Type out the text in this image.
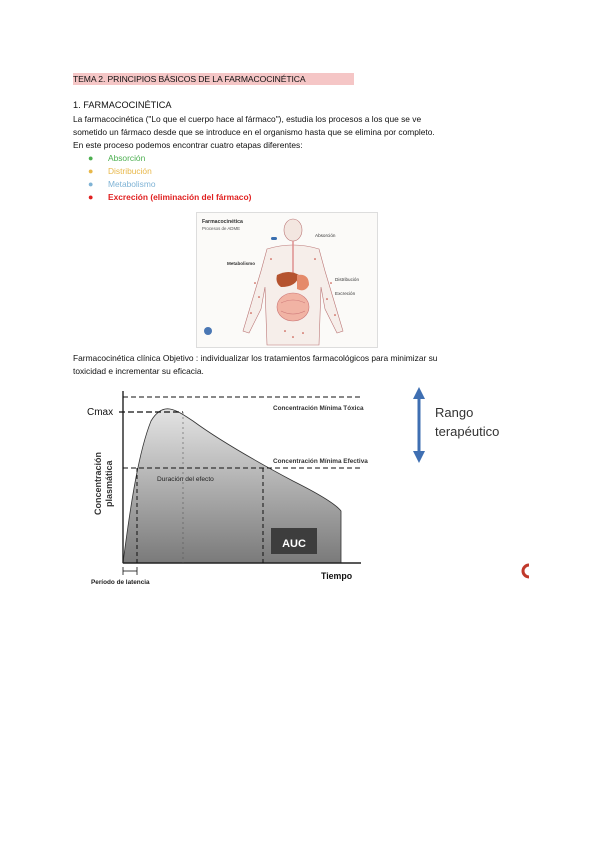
TEMA 2. PRINCIPIOS BÁSICOS DE LA FARMACOCINÉTICA
1. FARMACOCINÉTICA
La farmacocinética ("Lo que el cuerpo hace al fármaco"), estudia los procesos a los que se ve
sometido un fármaco desde que se introduce en el organismo hasta que se elimina por completo.
En este proceso podemos encontrar cuatro etapas diferentes:
● Absorción
● Distribución
● Metabolismo
● Excreción (eliminación del fármaco)
Farmacocinética
Procesos de ADME
Absorción
Metabolismo
Distribución
Excreción
Farmacocinética clínica Objetivo : individualizar los tratamientos farmacológicos para minimizar su
toxicidad e incrementar su eficacia.
Cmax
Concentración plasmática
Concentración Mínima Tóxica
Concentración Mínima Efectiva
Duración del efecto
AUC
Tiempo
Período de latencia
Rango
terapéutico
